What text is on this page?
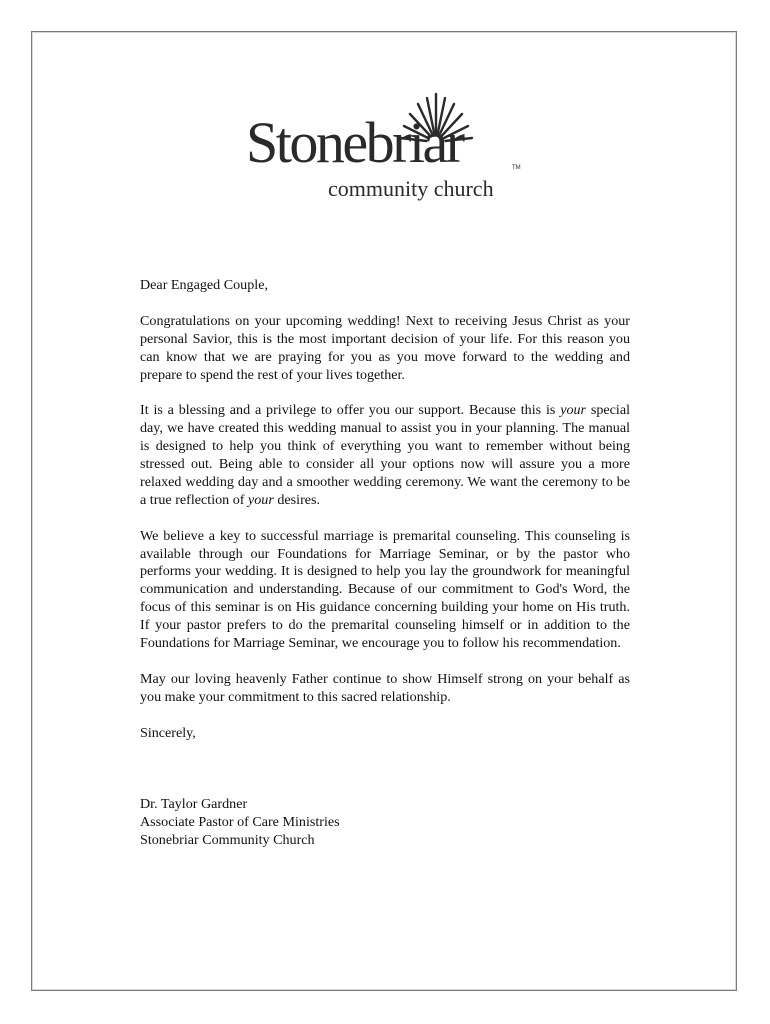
Stonebriar	TM
community church

Dear Engaged Couple,

Congratulations on your upcoming wedding! Next to receiving Jesus Christ as your personal Savior, this is the most important decision of your life. For this reason you can know that we are praying for you as you move forward to the wedding and prepare to spend the rest of your lives together.

It is a blessing and a privilege to offer you our support. Because this is your special day, we have created this wedding manual to assist you in your planning. The manual is designed to help you think of everything you want to remember without being stressed out. Being able to consider all your options now will assure you a more relaxed wedding day and a smoother wedding ceremony. We want the ceremony to be a true reflection of your desires.

We believe a key to successful marriage is premarital counseling. This counseling is available through our Foundations for Marriage Seminar, or by the pastor who performs your wedding. It is designed to help you lay the groundwork for meaningful communication and understanding. Because of our commitment to God's Word, the focus of this seminar is on His guidance concerning building your home on His truth. If your pastor prefers to do the premarital counseling himself or in addition to the Foundations for Marriage Seminar, we encourage you to follow his recommendation.

May our loving heavenly Father continue to show Himself strong on your behalf as you make your commitment to this sacred relationship.

Sincerely,

Dr. Taylor Gardner

Associate Pastor of Care Ministries

Stonebriar Community Church
